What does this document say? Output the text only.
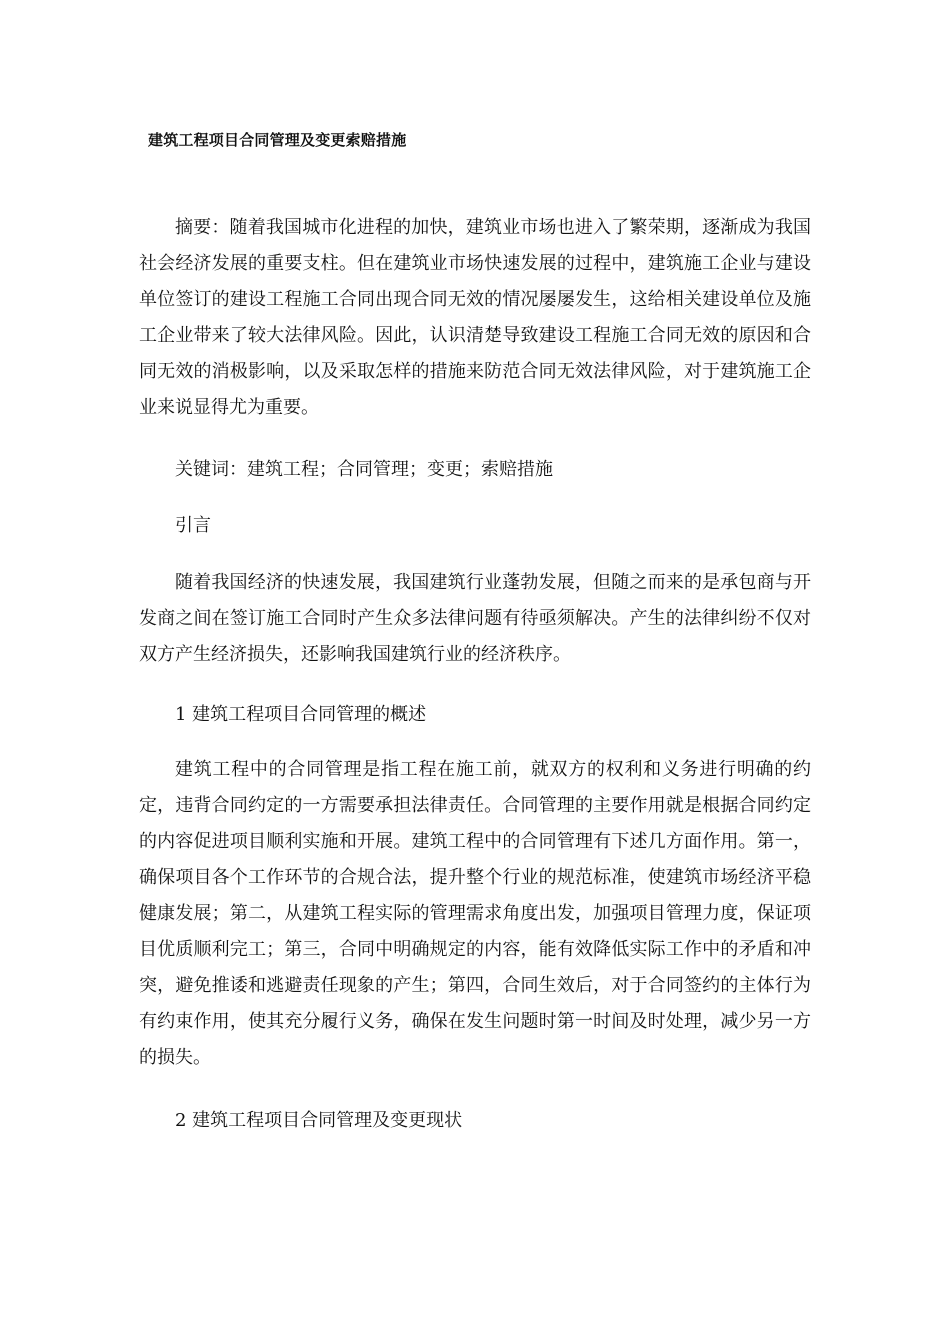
建筑工程项目合同管理及变更索赔措施

摘要：随着我国城市化进程的加快，建筑业市场也进入了繁荣期，逐渐成为我国社会经济发展的重要支柱。但在建筑业市场快速发展的过程中，建筑施工企业与建设单位签订的建设工程施工合同出现合同无效的情况屡屡发生，这给相关建设单位及施工企业带来了较大法律风险。因此，认识清楚导致建设工程施工合同无效的原因和合同无效的消极影响，以及采取怎样的措施来防范合同无效法律风险，对于建筑施工企业来说显得尤为重要。

关键词：建筑工程；合同管理；变更；索赔措施

引言

随着我国经济的快速发展，我国建筑行业蓬勃发展，但随之而来的是承包商与开发商之间在签订施工合同时产生众多法律问题有待亟须解决。产生的法律纠纷不仅对双方产生经济损失，还影响我国建筑行业的经济秩序。

1 建筑工程项目合同管理的概述

建筑工程中的合同管理是指工程在施工前，就双方的权利和义务进行明确的约定，违背合同约定的一方需要承担法律责任。合同管理的主要作用就是根据合同约定的内容促进项目顺利实施和开展。建筑工程中的合同管理有下述几方面作用。第一，确保项目各个工作环节的合规合法，提升整个行业的规范标准，使建筑市场经济平稳健康发展；第二，从建筑工程实际的管理需求角度出发，加强项目管理力度，保证项目优质顺利完工；第三，合同中明确规定的内容，能有效降低实际工作中的矛盾和冲突，避免推诿和逃避责任现象的产生；第四，合同生效后，对于合同签约的主体行为有约束作用，使其充分履行义务，确保在发生问题时第一时间及时处理，减少另一方的损失。

2 建筑工程项目合同管理及变更现状
